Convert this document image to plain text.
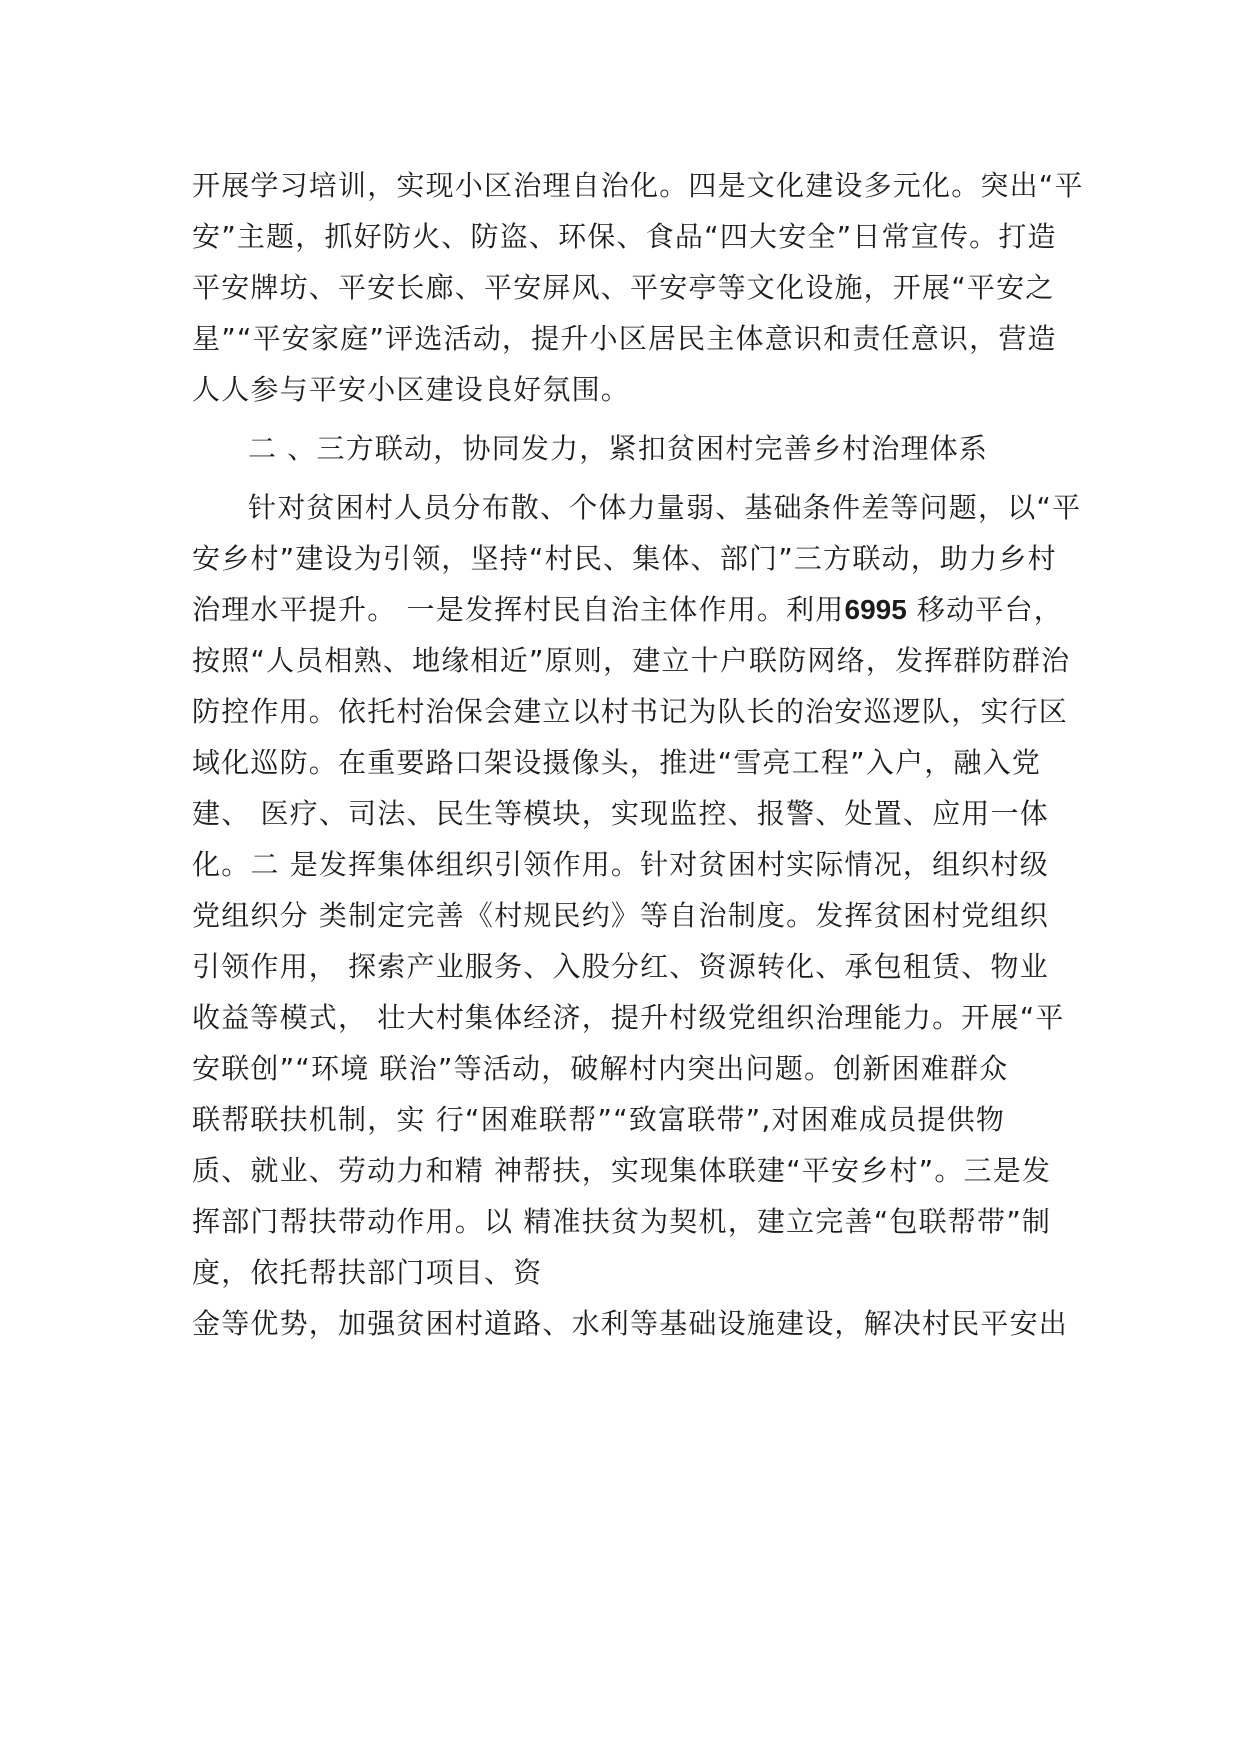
开展学习培训，实现小区治理自治化。四是文化建设多元化。突出“平
安”主题，抓好防火、防盗、环保、食品“四大安全”日常宣传。打造
平安牌坊、平安长廊、平安屏风、平安亭等文化设施，开展“平安之
星”“平安家庭”评选活动，提升小区居民主体意识和责任意识，营造
人人参与平安小区建设良好氛围。
二 、三方联动，协同发力，紧扣贫困村完善乡村治理体系
针对贫困村人员分布散、个体力量弱、基础条件差等问题，以“平
安乡村”建设为引领，坚持“村民、集体、部门”三方联动，助力乡村
治理水平提升。 一是发挥村民自治主体作用。利用6995 移动平台，
按照“人员相熟、地缘相近”原则，建立十户联防网络，发挥群防群治
防控作用。依托村治保会建立以村书记为队长的治安巡逻队，实行区
域化巡防。在重要路口架设摄像头，推进“雪亮工程”入户，融入党
建、 医疗、司法、民生等模块，实现监控、报警、处置、应用一体
化。二 是发挥集体组织引领作用。针对贫困村实际情况，组织村级
党组织分 类制定完善《村规民约》等自治制度。发挥贫困村党组织
引领作用， 探索产业服务、入股分红、资源转化、承包租赁、物业
收益等模式， 壮大村集体经济，提升村级党组织治理能力。开展“平
安联创”“环境 联治”等活动，破解村内突出问题。创新困难群众
联帮联扶机制，实 行“困难联帮”“致富联带”,对困难成员提供物
质、就业、劳动力和精 神帮扶，实现集体联建“平安乡村”。三是发
挥部门帮扶带动作用。以 精准扶贫为契机，建立完善“包联帮带”制
度，依托帮扶部门项目、资
金等优势，加强贫困村道路、水利等基础设施建设，解决村民平安出
